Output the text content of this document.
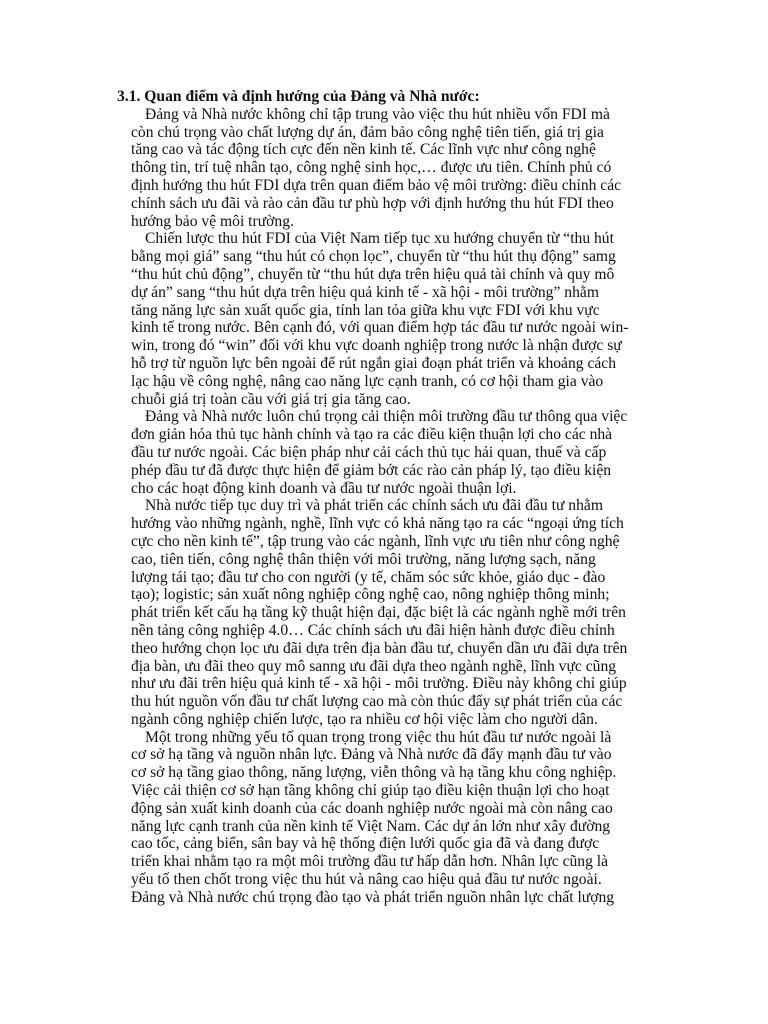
3.1. Quan điểm và định hướng của Đảng và Nhà nước:

Đảng và Nhà nước không chỉ tập trung vào việc thu hút nhiều vốn FDI mà
còn chú trọng vào chất lượng dự án, đảm bảo công nghệ tiên tiến, giá trị gia
tăng cao và tác động tích cực đến nền kinh tế. Các lĩnh vực như công nghệ
thông tin, trí tuệ nhân tạo, công nghệ sinh học,… được ưu tiên. Chính phủ có
định hướng thu hút FDI dựa trên quan điểm bảo vệ môi trường: điều chỉnh các
chính sách ưu đãi và rào cản đầu tư phù hợp với định hướng thu hút FDI theo
hướng bảo vệ môi trường.

Chiến lược thu hút FDI của Việt Nam tiếp tục xu hướng chuyển từ “thu hút
bằng mọi giá” sang “thu hút có chọn lọc”, chuyển từ “thu hút thụ động” samg
“thu hút chủ động”, chuyển từ “thu hút dựa trên hiệu quả tài chính và quy mô
dự án” sang “thu hút dựa trên hiệu quả kinh tế - xã hội - môi trường” nhằm
tăng năng lực sản xuất quốc gia, tính lan tỏa giữa khu vực FDI với khu vực
kinh tế trong nước. Bên cạnh đó, với quan điểm hợp tác đầu tư nước ngoài win-
win, trong đó “win” đối với khu vực doanh nghiệp trong nước là nhận được sự
hỗ trợ từ nguồn lực bên ngoài để rút ngắn giai đoạn phát triển và khoảng cách
lạc hậu về công nghệ, nâng cao năng lực cạnh tranh, có cơ hội tham gia vào
chuỗi giá trị toàn cầu với giá trị gia tăng cao.

Đảng và Nhà nước luôn chú trọng cải thiện môi trường đầu tư thông qua việc
đơn giản hóa thủ tục hành chính và tạo ra các điều kiện thuận lợi cho các nhà
đầu tư nước ngoài. Các biện pháp như cải cách thủ tục hải quan, thuế và cấp
phép đầu tư đã được thực hiện để giảm bớt các rào cản pháp lý, tạo điều kiện
cho các hoạt động kinh doanh và đầu tư nước ngoài thuận lợi.

Nhà nước tiếp tục duy trì và phát triển các chính sách ưu đãi đầu tư nhằm
hướng vào những ngành, nghề, lĩnh vực có khả năng tạo ra các “ngoại ứng tích
cực cho nền kinh tế”, tập trung vào các ngành, lĩnh vực ưu tiên như công nghệ
cao, tiên tiến, công nghệ thân thiện với môi trường, năng lượng sạch, năng
lượng tái tạo; đầu tư cho con người (y tế, chăm sóc sức khỏe, giáo dục - đào
tạo); logistic; sản xuất nông nghiệp công nghệ cao, nông nghiệp thông minh;
phát triển kết cấu hạ tầng kỹ thuật hiện đại, đặc biệt là các ngành nghề mới trên
nền tảng công nghiệp 4.0… Các chính sách ưu đãi hiện hành được điều chỉnh
theo hướng chọn lọc ưu đãi dựa trên địa bàn đầu tư, chuyển dần ưu đãi dựa trên
địa bàn, ưu đãi theo quy mô sanng ưu đãi dựa theo ngành nghề, lĩnh vực cũng
như ưu đãi trên hiệu quả kinh tế - xã hội - môi trường. Điều này không chỉ giúp
thu hút nguồn vốn đầu tư chất lượng cao mà còn thúc đẩy sự phát triển của các
ngành công nghiệp chiến lược, tạo ra nhiều cơ hội việc làm cho người dân.

Một trong những yếu tố quan trọng trong việc thu hút đầu tư nước ngoài là
cơ sở hạ tầng và nguồn nhân lực. Đảng và Nhà nước đã đẩy mạnh đầu tư vào
cơ sở hạ tầng giao thông, năng lượng, viễn thông và hạ tầng khu công nghiệp.
Việc cải thiện cơ sở hạn tầng không chỉ giúp tạo điều kiện thuận lợi cho hoạt
động sản xuất kinh doanh của các doanh nghiệp nước ngoài mà còn nâng cao
năng lực cạnh tranh của nền kinh tế Việt Nam. Các dự án lớn như xây đường
cao tốc, cảng biển, sân bay và hệ thống điện lưới quốc gia đã và đang được
triển khai nhằm tạo ra một môi trường đầu tư hấp dẫn hơn. Nhân lực cũng là
yếu tố then chốt trong việc thu hút và nâng cao hiệu quả đầu tư nước ngoài.
Đảng và Nhà nước chú trọng đào tạo và phát triển nguồn nhân lực chất lượng
